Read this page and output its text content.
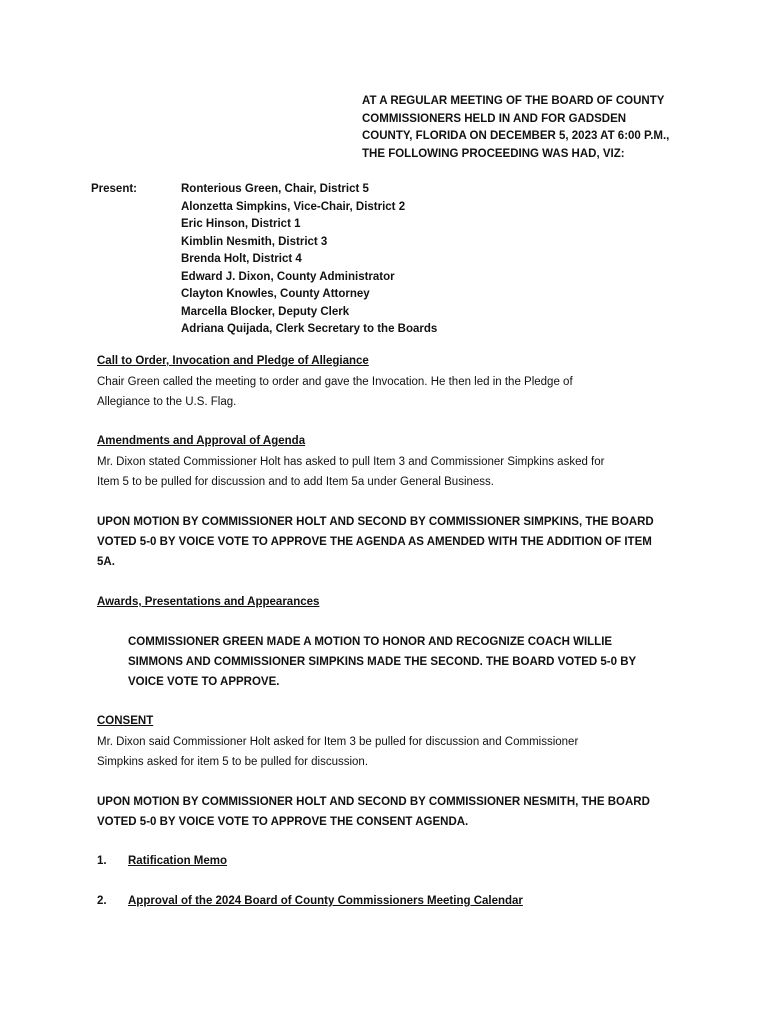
AT A REGULAR MEETING OF THE BOARD OF COUNTY
COMMISSIONERS HELD IN AND FOR GADSDEN
COUNTY, FLORIDA ON DECEMBER 5, 2023 AT 6:00 P.M.,
THE FOLLOWING PROCEEDING WAS HAD, VIZ:
Present:	Ronterious Green, Chair, District 5
Alonzetta Simpkins, Vice-Chair, District 2
Eric Hinson, District 1
Kimblin Nesmith, District 3
Brenda Holt, District 4
Edward J. Dixon, County Administrator
Clayton Knowles, County Attorney
Marcella Blocker, Deputy Clerk
Adriana Quijada, Clerk Secretary to the Boards
Call to Order, Invocation and Pledge of Allegiance
Chair Green called the meeting to order and gave the Invocation. He then led in the Pledge of
Allegiance to the U.S. Flag.
Amendments and Approval of Agenda
Mr. Dixon stated Commissioner Holt has asked to pull Item 3 and Commissioner Simpkins asked for
Item 5 to be pulled for discussion and to add Item 5a under General Business.
UPON MOTION BY COMMISSIONER HOLT AND SECOND BY COMMISSIONER SIMPKINS, THE BOARD
VOTED 5-0 BY VOICE VOTE TO APPROVE THE AGENDA AS AMENDED WITH THE ADDITION OF ITEM
5A.
Awards, Presentations and Appearances
COMMISSIONER GREEN MADE A MOTION TO HONOR AND RECOGNIZE COACH WILLIE
SIMMONS AND COMMISSIONER SIMPKINS MADE THE SECOND. THE BOARD VOTED 5-0 BY
VOICE VOTE TO APPROVE.
CONSENT
Mr. Dixon said Commissioner Holt asked for Item 3 be pulled for discussion and Commissioner
Simpkins asked for item 5 to be pulled for discussion.
UPON MOTION BY COMMISSIONER HOLT AND SECOND BY COMMISSIONER NESMITH, THE BOARD
VOTED 5-0 BY VOICE VOTE TO APPROVE THE CONSENT AGENDA.
1. Ratification Memo
2. Approval of the 2024 Board of County Commissioners Meeting Calendar
